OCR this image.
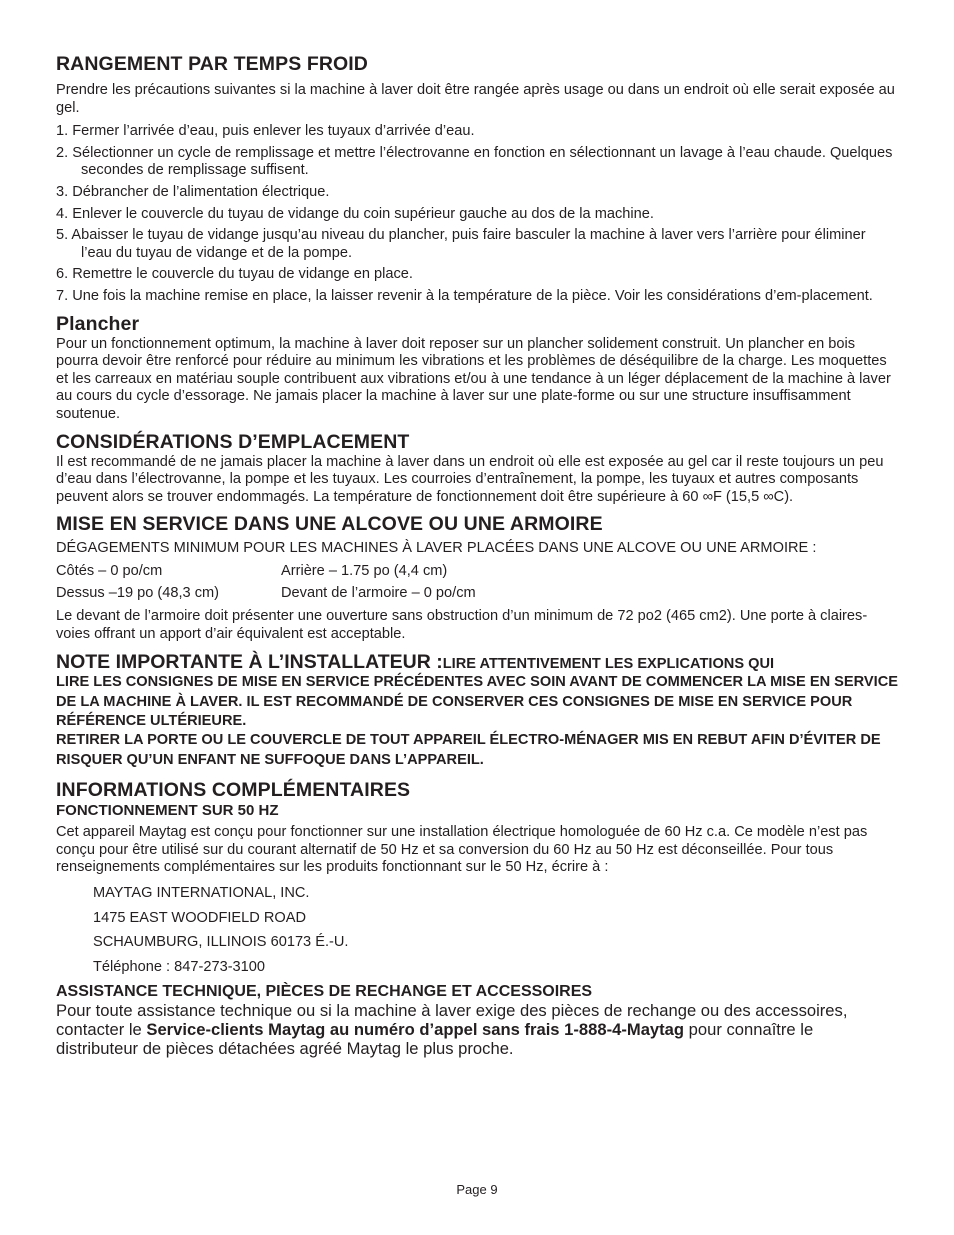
RANGEMENT PAR TEMPS FROID

Prendre les précautions suivantes si la machine à laver doit être rangée après usage ou dans un endroit où elle serait exposée au gel.

1. Fermer l’arrivée d’eau, puis enlever les tuyaux d’arrivée d’eau.
2. Sélectionner un cycle de remplissage et mettre l’électrovanne en fonction en sélectionnant un lavage à l’eau chaude. Quelques secondes de remplissage suffisent.
3. Débrancher de l’alimentation électrique.
4. Enlever le couvercle du tuyau de vidange du coin supérieur gauche au dos de la machine.
5. Abaisser le tuyau de vidange jusqu’au niveau du plancher, puis faire basculer la machine à laver vers l’arrière pour éliminer l’eau du tuyau de vidange et de la pompe.
6. Remettre le couvercle du tuyau de vidange en place.
7. Une fois la machine remise en place, la laisser revenir à la température de la pièce. Voir les considérations d’em-placement.
Plancher

Pour un fonctionnement optimum, la machine à laver doit reposer sur un plancher solidement construit. Un plancher en bois pourra devoir être renforcé pour réduire au minimum les vibrations et les problèmes de déséquilibre de la charge. Les moquettes et les carreaux en matériau souple contribuent aux vibrations et/ou à une tendance à un léger déplacement de la machine à laver au cours du cycle d’essorage. Ne jamais placer la machine à laver sur une plate-forme ou sur une structure insuffisamment soutenue.

CONSIDÉRATIONS D’EMPLACEMENT

Il est recommandé de ne jamais placer la machine à laver dans un endroit où elle est exposée au gel car il reste toujours un peu d’eau dans l’électrovanne, la pompe et les tuyaux. Les courroies d’entraînement, la pompe, les tuyaux et autres composants peuvent alors se trouver endommagés. La température de fonctionnement doit être supérieure à 60 ∞F (15,5 ∞C).

MISE EN SERVICE DANS UNE ALCOVE OU UNE ARMOIRE

DÉGAGEMENTS MINIMUM POUR LES MACHINES À LAVER PLACÉES DANS UNE ALCOVE OU UNE ARMOIRE :

Côtés – 0 po/cm	Arrière – 1.75 po (4,4 cm)
Dessus –19 po (48,3 cm)	Devant de l’armoire – 0 po/cm

Le devant de l’armoire doit présenter une ouverture sans obstruction d’un minimum de 72 po2 (465 cm2). Une porte à claires-voies offrant un apport d’air équivalent est acceptable.

NOTE IMPORTANTE À L’INSTALLATEUR :LIRE ATTENTIVEMENT LES EXPLICATIONS QUI

LIRE LES CONSIGNES DE MISE EN SERVICE PRÉCÉDENTES AVEC SOIN AVANT DE COMMENCER LA MISE EN SERVICE DE LA MACHINE À LAVER. IL EST RECOMMANDÉ DE CONSERVER CES CONSIGNES DE MISE EN SERVICE POUR RÉFÉRENCE ULTÉRIEURE.

RETIRER LA PORTE OU LE COUVERCLE DE TOUT APPAREIL ÉLECTRO-MÉNAGER MIS EN REBUT AFIN D’ÉVITER DE RISQUER QU’UN ENFANT NE SUFFOQUE DANS L’APPAREIL.

INFORMATIONS COMPLÉMENTAIRES

FONCTIONNEMENT SUR 50 HZ

Cet appareil Maytag est conçu pour fonctionner sur une installation électrique homologuée de 60 Hz c.a. Ce modèle n’est pas conçu pour être utilisé sur du courant alternatif de 50 Hz et sa conversion du 60 Hz au 50 Hz est déconseillée. Pour tous renseignements complémentaires sur les produits fonctionnant sur le 50 Hz, écrire à :

MAYTAG INTERNATIONAL, INC.
1475 EAST WOODFIELD ROAD
SCHAUMBURG, ILLINOIS 60173 É.-U.
Téléphone : 847-273-3100

ASSISTANCE TECHNIQUE, PIÈCES DE RECHANGE ET ACCESSOIRES

Pour toute assistance technique ou si la machine à laver exige des pièces de rechange ou des accessoires, contacter le Service-clients Maytag au numéro d’appel sans frais 1-888-4-Maytag pour connaître le distributeur de pièces détachées agréé Maytag le plus proche.

Page 9
